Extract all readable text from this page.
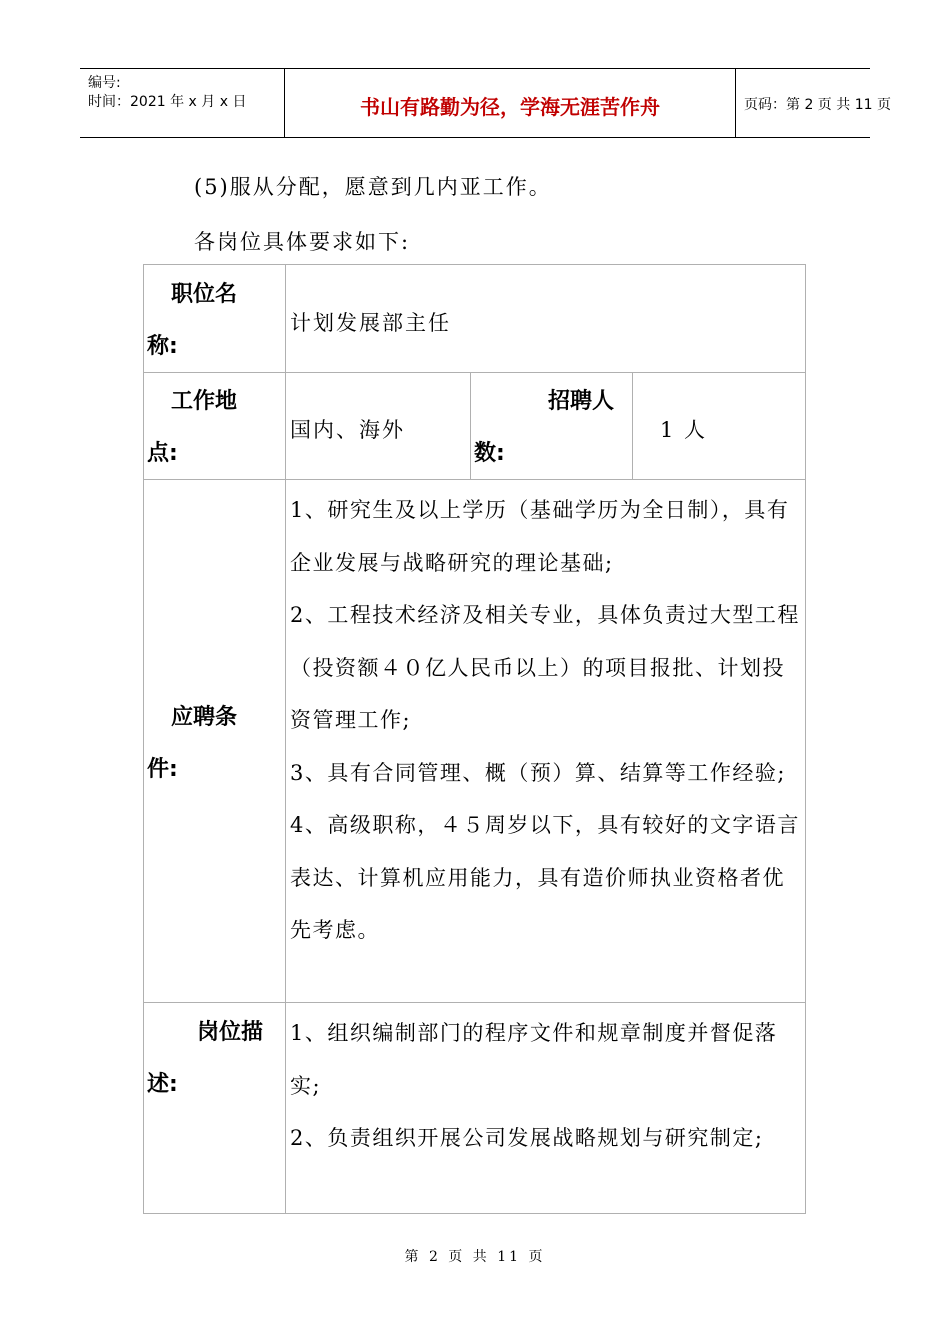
编号:
时间：2021 年 x 月 x 日	书山有路勤为径，学海无涯苦作舟	页码：第 2 页 共 11 页
(5)服从分配，愿意到几内亚工作。
各岗位具体要求如下:
职位名
称:
计划发展部主任
工作地
点:
国内、海外
招聘人
数:
1 人
应聘条
件:

1、研究生及以上学历（基础学历为全日制），具有企业发展与战略研究的理论基础;

2、工程技术经济及相关专业，具体负责过大型工程（投资额４０亿人民币以上）的项目报批、计划投资管理工作;

3、具有合同管理、概（预）算、结算等工作经验;

4、高级职称，４５周岁以下，具有较好的文字语言表达、计算机应用能力，具有造价师执业资格者优先考虑。

岗位描
述:

1、组织编制部门的程序文件和规章制度并督促落实;

2、负责组织开展公司发展战略规划与研究制定;

第 2 页 共 11 页
